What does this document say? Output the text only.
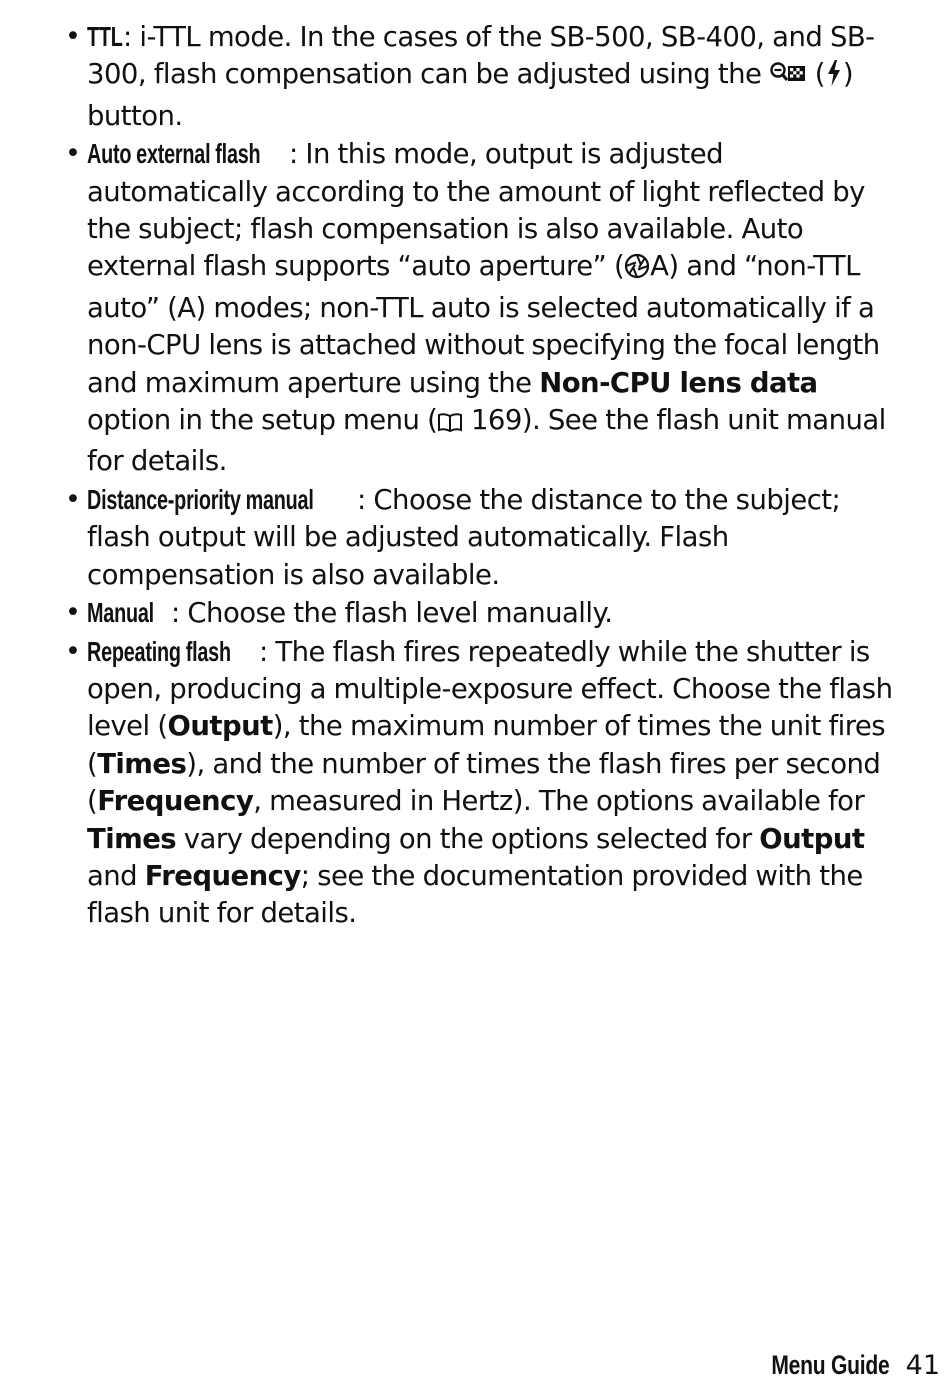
• TTL: i-TTL mode. In the cases of the SB-500, SB-400, and SB-300, flash compensation can be adjusted using the  ( ) button.
• Auto external flash : In this mode, output is adjusted automatically according to the amount of light reflected by the subject; flash compensation is also available. Auto external flash supports “auto aperture” ( A) and “non-TTL auto” (A) modes; non-TTL auto is selected automatically if a non-CPU lens is attached without specifying the focal length and maximum aperture using the Non-CPU lens data option in the setup menu ( 169). See the flash unit manual for details.
• Distance-priority manual : Choose the distance to the subject; flash output will be adjusted automatically. Flash compensation is also available.
• Manual : Choose the flash level manually.
• Repeating flash : The flash fires repeatedly while the shutter is open, producing a multiple-exposure effect. Choose the flash level (Output), the maximum number of times the unit fires (Times), and the number of times the flash fires per second (Frequency, measured in Hertz). The options available for Times vary depending on the options selected for Output and Frequency; see the documentation provided with the flash unit for details.
Menu Guide 41
